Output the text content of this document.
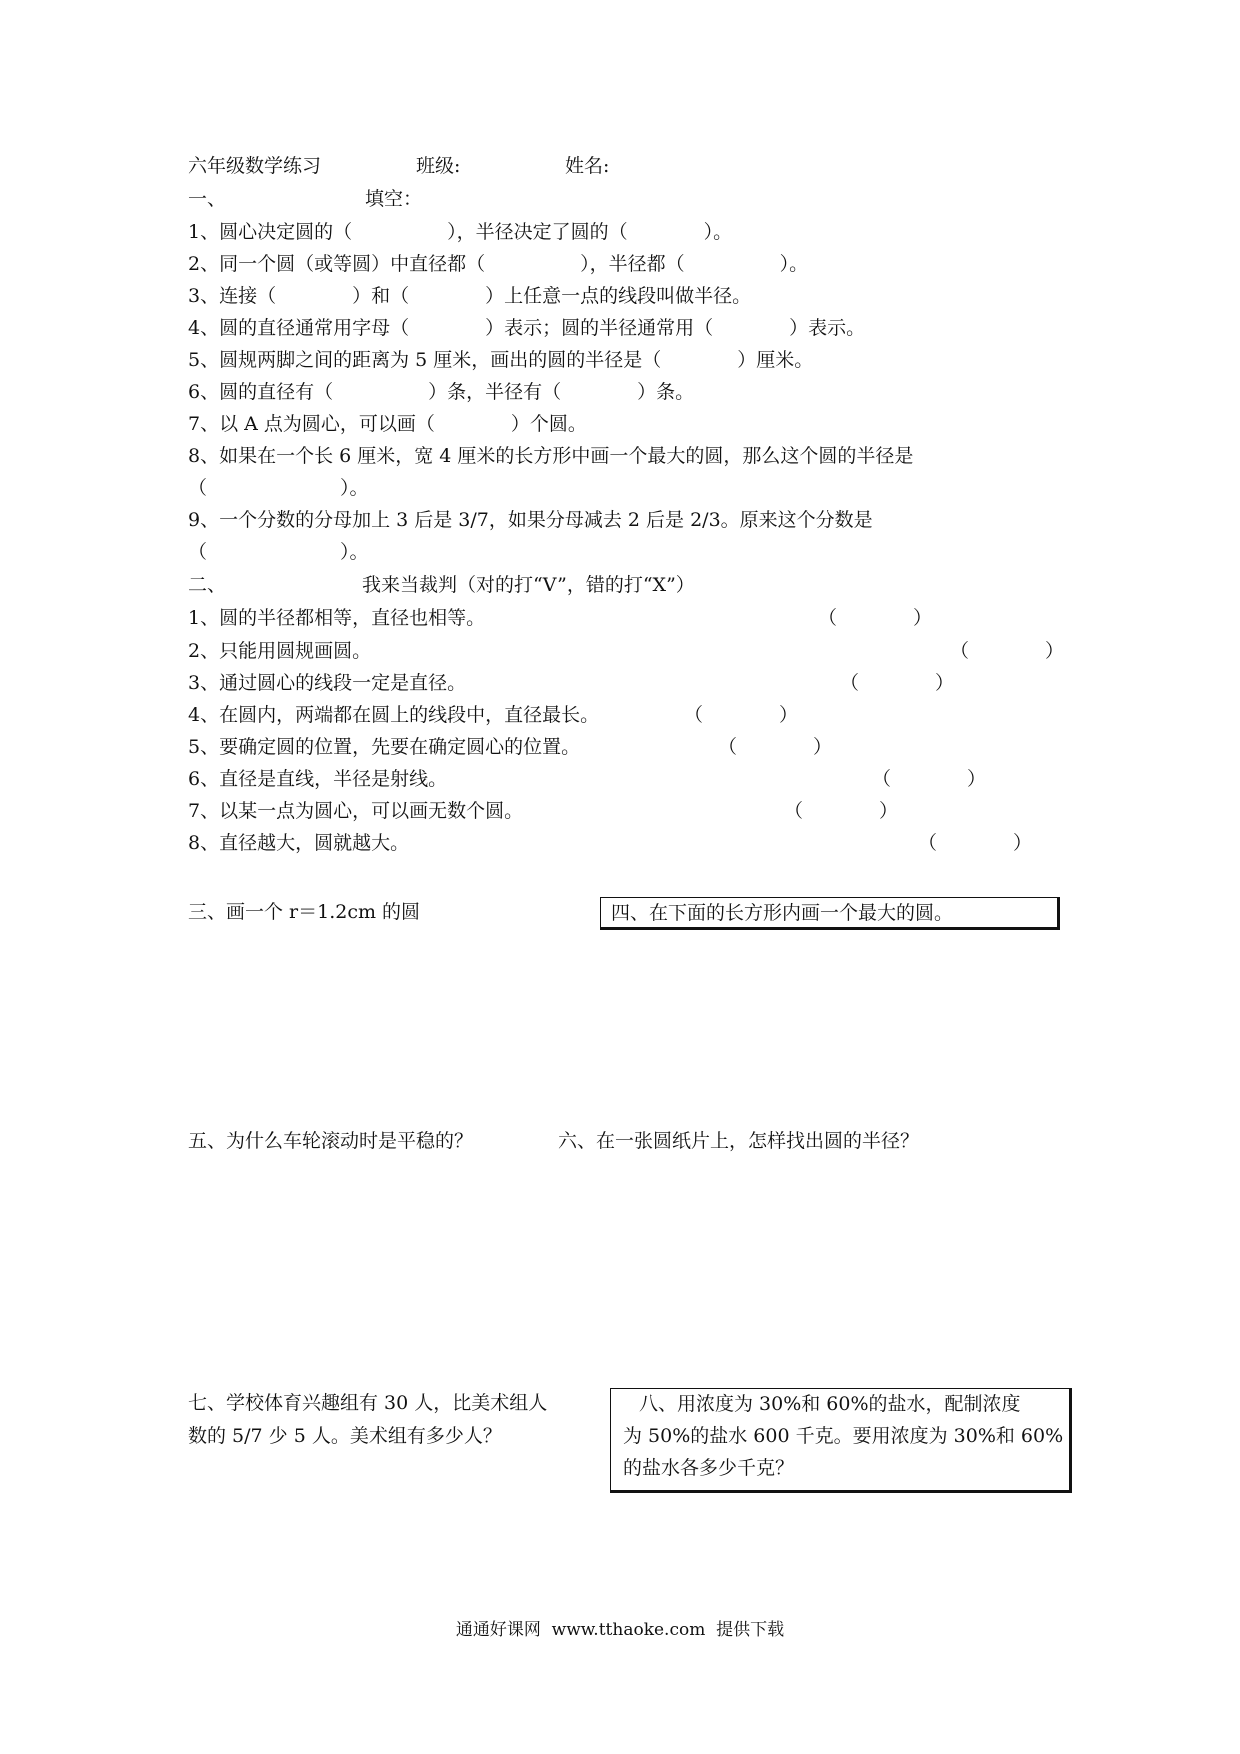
六年级数学练习	班级:	姓名:
一、	填空：
1、圆心决定圆的（　　　　　），半径决定了圆的（　　　　）。
2、同一个圆（或等圆）中直径都（　　　　　），半径都（　　　　　）。
3、连接（　　　　）和（　　　　）上任意一点的线段叫做半径。
4、圆的直径通常用字母（　　　　）表示；圆的半径通常用（　　　　）表示。
5、圆规两脚之间的距离为 5 厘米，画出的圆的半径是（　　　　）厘米。
6、圆的直径有（　　　　　）条，半径有（　　　　）条。
7、以 A 点为圆心，可以画（　　　　）个圆。
8、如果在一个长 6 厘米，宽 4 厘米的长方形中画一个最大的圆，那么这个圆的半径是
（　　　　　　　）。
9、一个分数的分母加上 3 后是 3/7，如果分母减去 2 后是 2/3。原来这个分数是
（　　　　　　　）。
二、	我来当裁判（对的打“V”，错的打“X”）
1、圆的半径都相等，直径也相等。	（　　　　）
2、只能用圆规画圆。	（　　　　）
3、通过圆心的线段一定是直径。	（　　　　）
4、在圆内，两端都在圆上的线段中，直径最长。	（　　　　）
5、要确定圆的位置，先要在确定圆心的位置。	（　　　　）
6、直径是直线，半径是射线。	（　　　　）
7、以某一点为圆心，可以画无数个圆。	（　　　　）
8、直径越大，圆就越大。	（　　　　）
三、画一个 r＝1.2cm 的圆	四、在下面的长方形内画一个最大的圆。
五、为什么车轮滚动时是平稳的？	六、在一张圆纸片上，怎样找出圆的半径？
七、学校体育兴趣组有 30 人，比美术组人
数的 5/7 少 5 人。美术组有多少人？
八、用浓度为 30%和 60%的盐水，配制浓度
为 50%的盐水 600 千克。要用浓度为 30%和 60%
的盐水各多少千克？
通通好课网  www.tthaoke.com  提供下载
